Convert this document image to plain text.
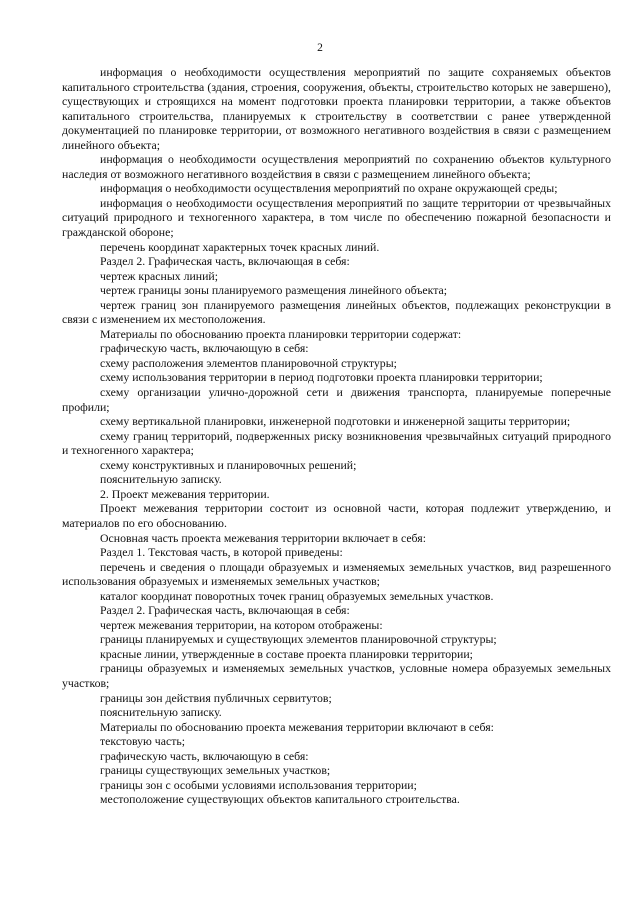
2

информация о необходимости осуществления мероприятий по защите сохраняемых объектов капитального строительства (здания, строения, сооружения, объекты, строительство которых не завершено), существующих и строящихся на момент подготовки проекта планировки территории, а также объектов капитального строительства, планируемых к строительству в соответствии с ранее утвержденной документацией по планировке территории, от возможного негативного воздействия в связи с размещением линейного объекта;

информация о необходимости осуществления мероприятий по сохранению объектов культурного наследия от возможного негативного воздействия в связи с размещением линейного объекта;

информация о необходимости осуществления мероприятий по охране окружающей среды;

информация о необходимости осуществления мероприятий по защите территории от чрезвычайных ситуаций природного и техногенного характера, в том числе по обеспечению пожарной безопасности и гражданской обороне;

перечень координат характерных точек красных линий.

Раздел 2. Графическая часть, включающая в себя:

чертеж красных линий;

чертеж границы зоны планируемого размещения линейного объекта;

чертеж границ зон планируемого размещения линейных объектов, подлежащих реконструкции в связи с изменением их местоположения.

Материалы по обоснованию проекта планировки территории содержат:

графическую часть, включающую в себя:

схему расположения элементов планировочной структуры;

схему использования территории в период подготовки проекта планировки территории;

схему организации улично-дорожной сети и движения транспорта, планируемые поперечные профили;

схему вертикальной планировки, инженерной подготовки и инженерной защиты территории;

схему границ территорий, подверженных риску возникновения чрезвычайных ситуаций природного и техногенного характера;

схему конструктивных и планировочных решений;

пояснительную записку.

2. Проект межевания территории.

Проект межевания территории состоит из основной части, которая подлежит утверждению, и материалов по его обоснованию.

Основная часть проекта межевания территории включает в себя:

Раздел 1. Текстовая часть, в которой приведены:

перечень и сведения о площади образуемых и изменяемых земельных участков, вид разрешенного использования образуемых и изменяемых земельных участков;

каталог координат поворотных точек границ образуемых земельных участков.

Раздел 2. Графическая часть, включающая в себя:

чертеж межевания территории, на котором отображены:

границы планируемых и существующих элементов планировочной структуры;

красные линии, утвержденные в составе проекта планировки территории;

границы образуемых и изменяемых земельных участков, условные номера образуемых земельных участков;

границы зон действия публичных сервитутов;

пояснительную записку.

Материалы по обоснованию проекта межевания территории включают в себя:

текстовую часть;

графическую часть, включающую в себя:

границы существующих земельных участков;

границы зон с особыми условиями использования территории;

местоположение существующих объектов капитального строительства.
